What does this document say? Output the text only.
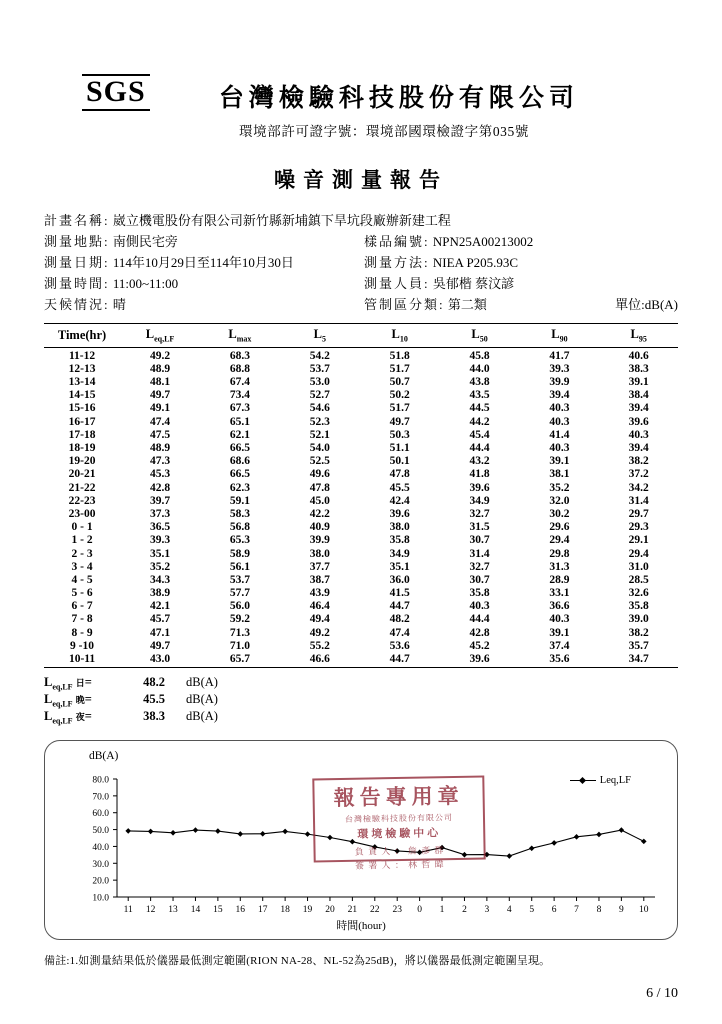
SGS	台灣檢驗科技股份有限公司
環境部許可證字號：環境部國環檢證字第035號
噪音測量報告
計畫名稱: 崴立機電股份有限公司新竹縣新埔鎮下旱坑段廠辦新建工程
測量地點: 南側民宅旁	樣品編號: NPN25A00213002
測量日期: 114年10月29日至114年10月30日	測量方法: NIEA P205.93C
測量時間: 11:00~11:00	測量人員: 吳郁楷 蔡汶諺
天候情況: 晴	管制區分類: 第二類	單位:dB(A)
Time(hr)	$L_{eq,LF}$	$L_{max}$	$L_5$	$L_{10}$	$L_{50}$	$L_{90}$	$L_{95}$
11-12	49.2	68.3	54.2	51.8	45.8	41.7	40.6
12-13	48.9	68.8	53.7	51.7	44.0	39.3	38.3
13-14	48.1	67.4	53.0	50.7	43.8	39.9	39.1
14-15	49.7	73.4	52.7	50.2	43.5	39.4	38.4
15-16	49.1	67.3	54.6	51.7	44.5	40.3	39.4
16-17	47.4	65.1	52.3	49.7	44.2	40.3	39.6
17-18	47.5	62.1	52.1	50.3	45.4	41.4	40.3
18-19	48.9	66.5	54.0	51.1	44.4	40.3	39.4
19-20	47.3	68.6	52.5	50.1	43.2	39.1	38.2
20-21	45.3	66.5	49.6	47.8	41.8	38.1	37.2
21-22	42.8	62.3	47.8	45.5	39.6	35.2	34.2
22-23	39.7	59.1	45.0	42.4	34.9	32.0	31.4
23-00	37.3	58.3	42.2	39.6	32.7	30.2	29.7
0 - 1	36.5	56.8	40.9	38.0	31.5	29.6	29.3
1 - 2	39.3	65.3	39.9	35.8	30.7	29.4	29.1
2 - 3	35.1	58.9	38.0	34.9	31.4	29.8	29.4
3 - 4	35.2	56.1	37.7	35.1	32.7	31.3	31.0
4 - 5	34.3	53.7	38.7	36.0	30.7	28.9	28.5
5 - 6	38.9	57.7	43.9	41.5	35.8	33.1	32.6
6 - 7	42.1	56.0	46.4	44.7	40.3	36.6	35.8
7 - 8	45.7	59.2	49.4	48.2	44.4	40.3	39.0
8 - 9	47.1	71.3	49.2	47.4	42.8	39.1	38.2
9 -10	49.7	71.0	55.2	53.6	45.2	37.4	35.7
10-11	43.0	65.7	46.6	44.7	39.6	35.6	34.7
$L_{eq,LF}$ 日=	48.2	dB(A)
$L_{eq,LF}$ 晚=	45.5	dB(A)
$L_{eq,LF}$ 夜=	38.3	dB(A)
dB(A)
Leq,LF
80.0
70.0
60.0
50.0
40.0
30.0
20.0
10.0
11 12 13 14 15 16 17 18 19 20 21 22 23 0 1 2 3 4 5 6 7 8 9 10
報告專用章
台灣檢驗科技股份有限公司
環境檢驗中心
負 責 人 ： 詹 彥 群
簽 署 人 ： 林 哲 暐
時間(hour)
備註:1.如測量結果低於儀器最低測定範圍(RION NA-28、NL-52為25dB)，將以儀器最低測定範圍呈現。
6 / 10
